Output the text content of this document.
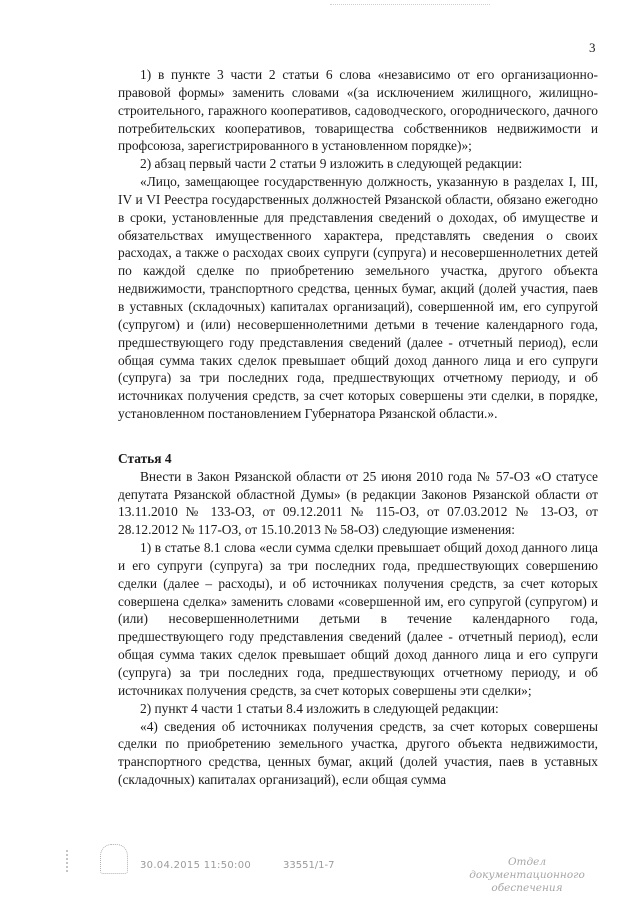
3

1) в пункте 3 части 2 статьи 6 слова «независимо от его организационно-правовой формы» заменить словами «(за исключением жилищного, жилищно-строительного, гаражного кооперативов, садоводческого, огороднического, дачного потребительских кооперативов, товарищества собственников недвижимости и профсоюза, зарегистрированного в установленном порядке)»;

2) абзац первый части 2 статьи 9 изложить в следующей редакции:

«Лицо, замещающее государственную должность, указанную в разделах I, III, IV и VI Реестра государственных должностей Рязанской области, обязано ежегодно в сроки, установленные для представления сведений о доходах, об имуществе и обязательствах имущественного характера, представлять сведения о своих расходах, а также о расходах своих супруги (супруга) и несовершеннолетних детей по каждой сделке по приобретению земельного участка, другого объекта недвижимости, транспортного средства, ценных бумаг, акций (долей участия, паев в уставных (складочных) капиталах организаций), совершенной им, его супругой (супругом) и (или) несовершеннолетними детьми в течение календарного года, предшествующего году представления сведений (далее - отчетный период), если общая сумма таких сделок превышает общий доход данного лица и его супруги (супруга) за три последних года, предшествующих отчетному периоду, и об источниках получения средств, за счет которых совершены эти сделки, в порядке, установленном постановлением Губернатора Рязанской области.».

Статья 4

Внести в Закон Рязанской области от 25 июня 2010 года № 57-ОЗ «О статусе депутата Рязанской областной Думы» (в редакции Законов Рязанской области от 13.11.2010 № 133-ОЗ, от 09.12.2011 № 115-ОЗ, от 07.03.2012 № 13-ОЗ, от 28.12.2012 № 117-ОЗ, от 15.10.2013 № 58-ОЗ) следующие изменения:

1) в статье 8.1 слова «если сумма сделки превышает общий доход данного лица и его супруги (супруга) за три последних года, предшествующих совершению сделки (далее – расходы), и об источниках получения средств, за счет которых совершена сделка» заменить словами «совершенной им, его супругой (супругом) и (или) несовершеннолетними детьми в течение календарного года, предшествующего году представления сведений (далее - отчетный период), если общая сумма таких сделок превышает общий доход данного лица и его супруги (супруга) за три последних года, предшествующих отчетному периоду, и об источниках получения средств, за счет которых совершены эти сделки»;

2) пункт 4 части 1 статьи 8.4 изложить в следующей редакции:

«4) сведения об источниках получения средств, за счет которых совершены сделки по приобретению земельного участка, другого объекта недвижимости, транспортного средства, ценных бумаг, акций (долей участия, паев в уставных (складочных) капиталах организаций), если общая сумма

30.04.2015 11:50:00	33551/1-7	Отдел документационного
обеспечения
